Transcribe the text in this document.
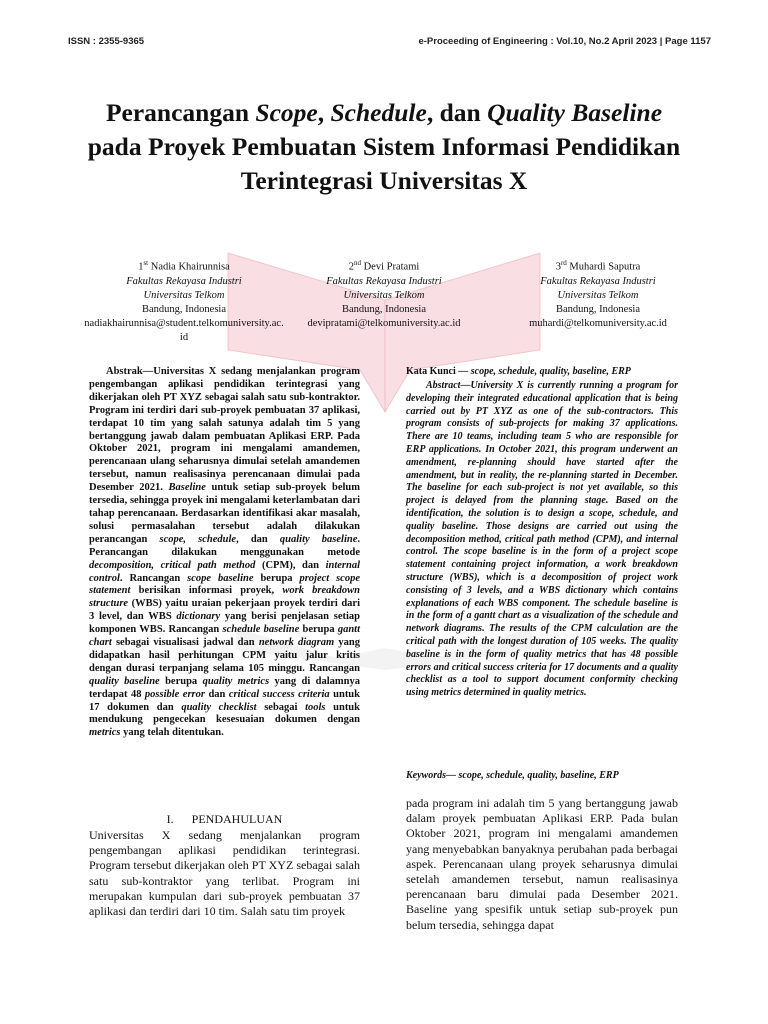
ISSN : 2355-9365	e-Proceeding of Engineering : Vol.10, No.2 April 2023 | Page 1157
Perancangan Scope, Schedule, dan Quality Baseline pada Proyek Pembuatan Sistem Informasi Pendidikan Terintegrasi Universitas X
1st Nadia Khairunnisa
Fakultas Rekayasa Industri
Universitas Telkom
Bandung, Indonesia
nadiakhairunnisa@student.telkomuniversity.ac.id
2nd Devi Pratami
Fakultas Rekayasa Industri
Universitas Telkom
Bandung, Indonesia
devipratami@telkomuniversity.ac.id
3rd Muhardi Saputra
Fakultas Rekayasa Industri
Universitas Telkom
Bandung, Indonesia
muhardi@telkomuniversity.ac.id
Abstrak—Universitas X sedang menjalankan program pengembangan aplikasi pendidikan terintegrasi yang dikerjakan oleh PT XYZ sebagai salah satu sub-kontraktor. Program ini terdiri dari sub-proyek pembuatan 37 aplikasi, terdapat 10 tim yang salah satunya adalah tim 5 yang bertanggung jawab dalam pembuatan Aplikasi ERP. Pada Oktober 2021, program ini mengalami amandemen, perencanaan ulang seharusnya dimulai setelah amandemen tersebut, namun realisasinya perencanaan dimulai pada Desember 2021. Baseline untuk setiap sub-proyek belum tersedia, sehingga proyek ini mengalami keterlambatan dari tahap perencanaan. Berdasarkan identifikasi akar masalah, solusi permasalahan tersebut adalah dilakukan perancangan scope, schedule, dan quality baseline. Perancangan dilakukan menggunakan metode decomposition, critical path method (CPM), dan internal control. Rancangan scope baseline berupa project scope statement berisikan informasi proyek, work breakdown structure (WBS) yaitu uraian pekerjaan proyek terdiri dari 3 level, dan WBS dictionary yang berisi penjelasan setiap komponen WBS. Rancangan schedule baseline berupa gantt chart sebagai visualisasi jadwal dan network diagram yang didapatkan hasil perhitungan CPM yaitu jalur kritis dengan durasi terpanjang selama 105 minggu. Rancangan quality baseline berupa quality metrics yang di dalamnya terdapat 48 possible error dan critical success criteria untuk 17 dokumen dan quality checklist sebagai tools untuk mendukung pengecekan kesesuaian dokumen dengan metrics yang telah ditentukan.
Kata Kunci — scope, schedule, quality, baseline, ERP
Abstract—University X is currently running a program for developing their integrated educational application that is being carried out by PT XYZ as one of the sub-contractors. This program consists of sub-projects for making 37 applications. There are 10 teams, including team 5 who are responsible for ERP applications. In October 2021, this program underwent an amendment, re-planning should have started after the amendment, but in reality, the re-planning started in December. The baseline for each sub-project is not yet available, so this project is delayed from the planning stage. Based on the identification, the solution is to design a scope, schedule, and quality baseline. Those designs are carried out using the decomposition method, critical path method (CPM), and internal control. The scope baseline is in the form of a project scope statement containing project information, a work breakdown structure (WBS), which is a decomposition of project work consisting of 3 levels, and a WBS dictionary which contains explanations of each WBS component. The schedule baseline is in the form of a gantt chart as a visualization of the schedule and network diagrams. The results of the CPM calculation are the critical path with the longest duration of 105 weeks. The quality baseline is in the form of quality metrics that has 48 possible errors and critical success criteria for 17 documents and a quality checklist as a tool to support document conformity checking using metrics determined in quality metrics.
Keywords— scope, schedule, quality, baseline, ERP
I. PENDAHULUAN
Universitas X sedang menjalankan program pengembangan aplikasi pendidikan terintegrasi. Program tersebut dikerjakan oleh PT XYZ sebagai salah satu sub-kontraktor yang terlibat. Program ini merupakan kumpulan dari sub-proyek pembuatan 37 aplikasi dan terdiri dari 10 tim. Salah satu tim proyek
pada program ini adalah tim 5 yang bertanggung jawab dalam proyek pembuatan Aplikasi ERP. Pada bulan Oktober 2021, program ini mengalami amandemen yang menyebabkan banyaknya perubahan pada berbagai aspek. Perencanaan ulang proyek seharusnya dimulai setelah amandemen tersebut, namun realisasinya perencanaan baru dimulai pada Desember 2021. Baseline yang spesifik untuk setiap sub-proyek pun belum tersedia, sehingga dapat
